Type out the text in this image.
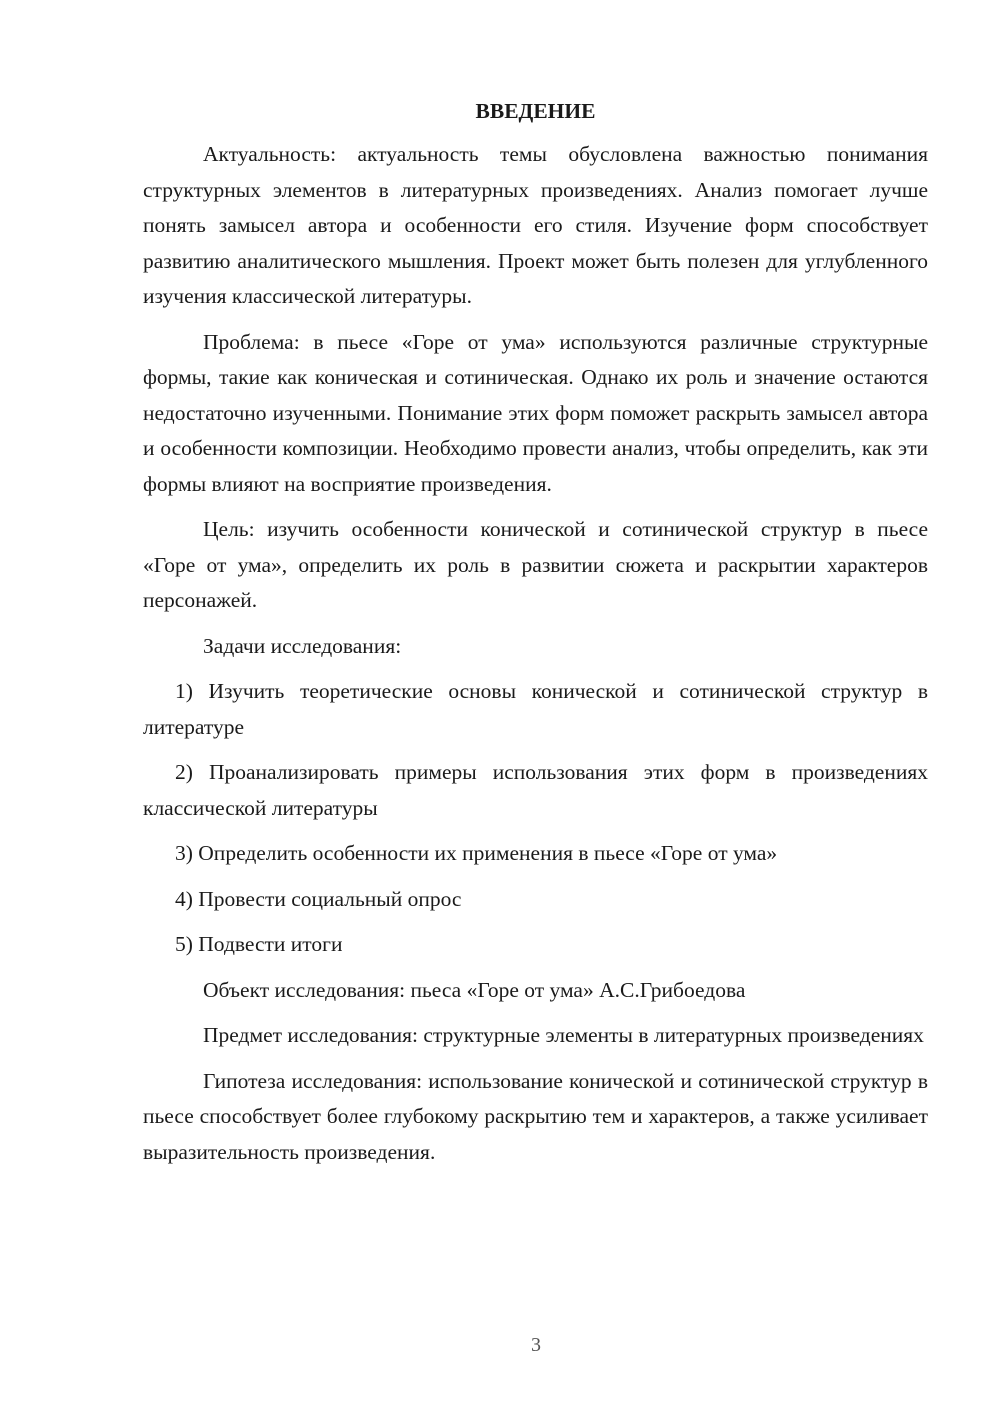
ВВЕДЕНИЕ

Актуальность: актуальность темы обусловлена важностью понимания структурных элементов в литературных произведениях. Анализ помогает лучше понять замысел автора и особенности его стиля. Изучение форм способствует развитию аналитического мышления. Проект может быть полезен для углубленного изучения классической литературы.

Проблема: в пьесе «Горе от ума» используются различные структурные формы, такие как коническая и сотиническая. Однако их роль и значение остаются недостаточно изученными. Понимание этих форм поможет раскрыть замысел автора и особенности композиции. Необходимо провести анализ, чтобы определить, как эти формы влияют на восприятие произведения.

Цель: изучить особенности конической и сотинической структур в пьесе «Горе от ума», определить их роль в развитии сюжета и раскрытии характеров персонажей.

Задачи исследования:

1) Изучить теоретические основы конической и сотинической структур в литературе

2) Проанализировать примеры использования этих форм в произведениях классической литературы

3) Определить особенности их применения в пьесе «Горе от ума»

4) Провести социальный опрос

5) Подвести итоги

Объект исследования: пьеса «Горе от ума» А.С.Грибоедова

Предмет исследования: структурные элементы в литературных произведениях

Гипотеза исследования: использование конической и сотинической структур в пьесе способствует более глубокому раскрытию тем и характеров, а также усиливает выразительность произведения.

3
